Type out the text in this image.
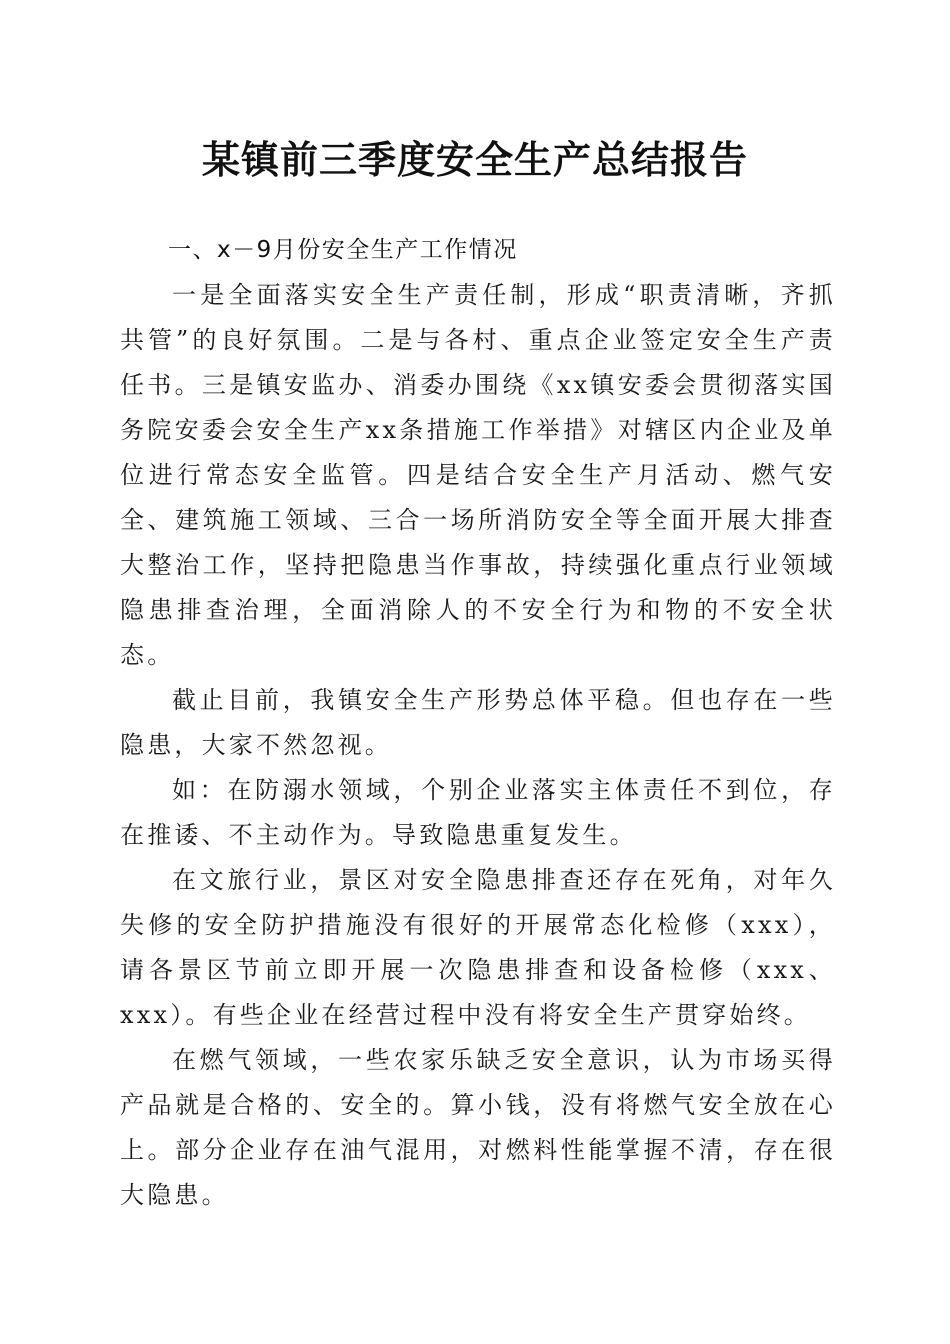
某镇前三季度安全生产总结报告

一、x－9月份安全生产工作情况

一是全面落实安全生产责任制，形成“职责清晰，齐抓共管”的良好氛围。二是与各村、重点企业签定安全生产责任书。三是镇安监办、消委办围绕《xx镇安委会贯彻落实国务院安委会安全生产xx条措施工作举措》对辖区内企业及单位进行常态安全监管。四是结合安全生产月活动、燃气安全、建筑施工领域、三合一场所消防安全等全面开展大排查大整治工作，坚持把隐患当作事故，持续强化重点行业领域隐患排查治理，全面消除人的不安全行为和物的不安全状态。

截止目前，我镇安全生产形势总体平稳。但也存在一些隐患，大家不然忽视。

如：在防溺水领域，个别企业落实主体责任不到位，存在推诿、不主动作为。导致隐患重复发生。

在文旅行业，景区对安全隐患排查还存在死角，对年久失修的安全防护措施没有很好的开展常态化检修（xxx），请各景区节前立即开展一次隐患排查和设备检修（xxx、xxx）。有些企业在经营过程中没有将安全生产贯穿始终。

在燃气领域，一些农家乐缺乏安全意识，认为市场买得产品就是合格的、安全的。算小钱，没有将燃气安全放在心上。部分企业存在油气混用，对燃料性能掌握不清，存在很大隐患。
